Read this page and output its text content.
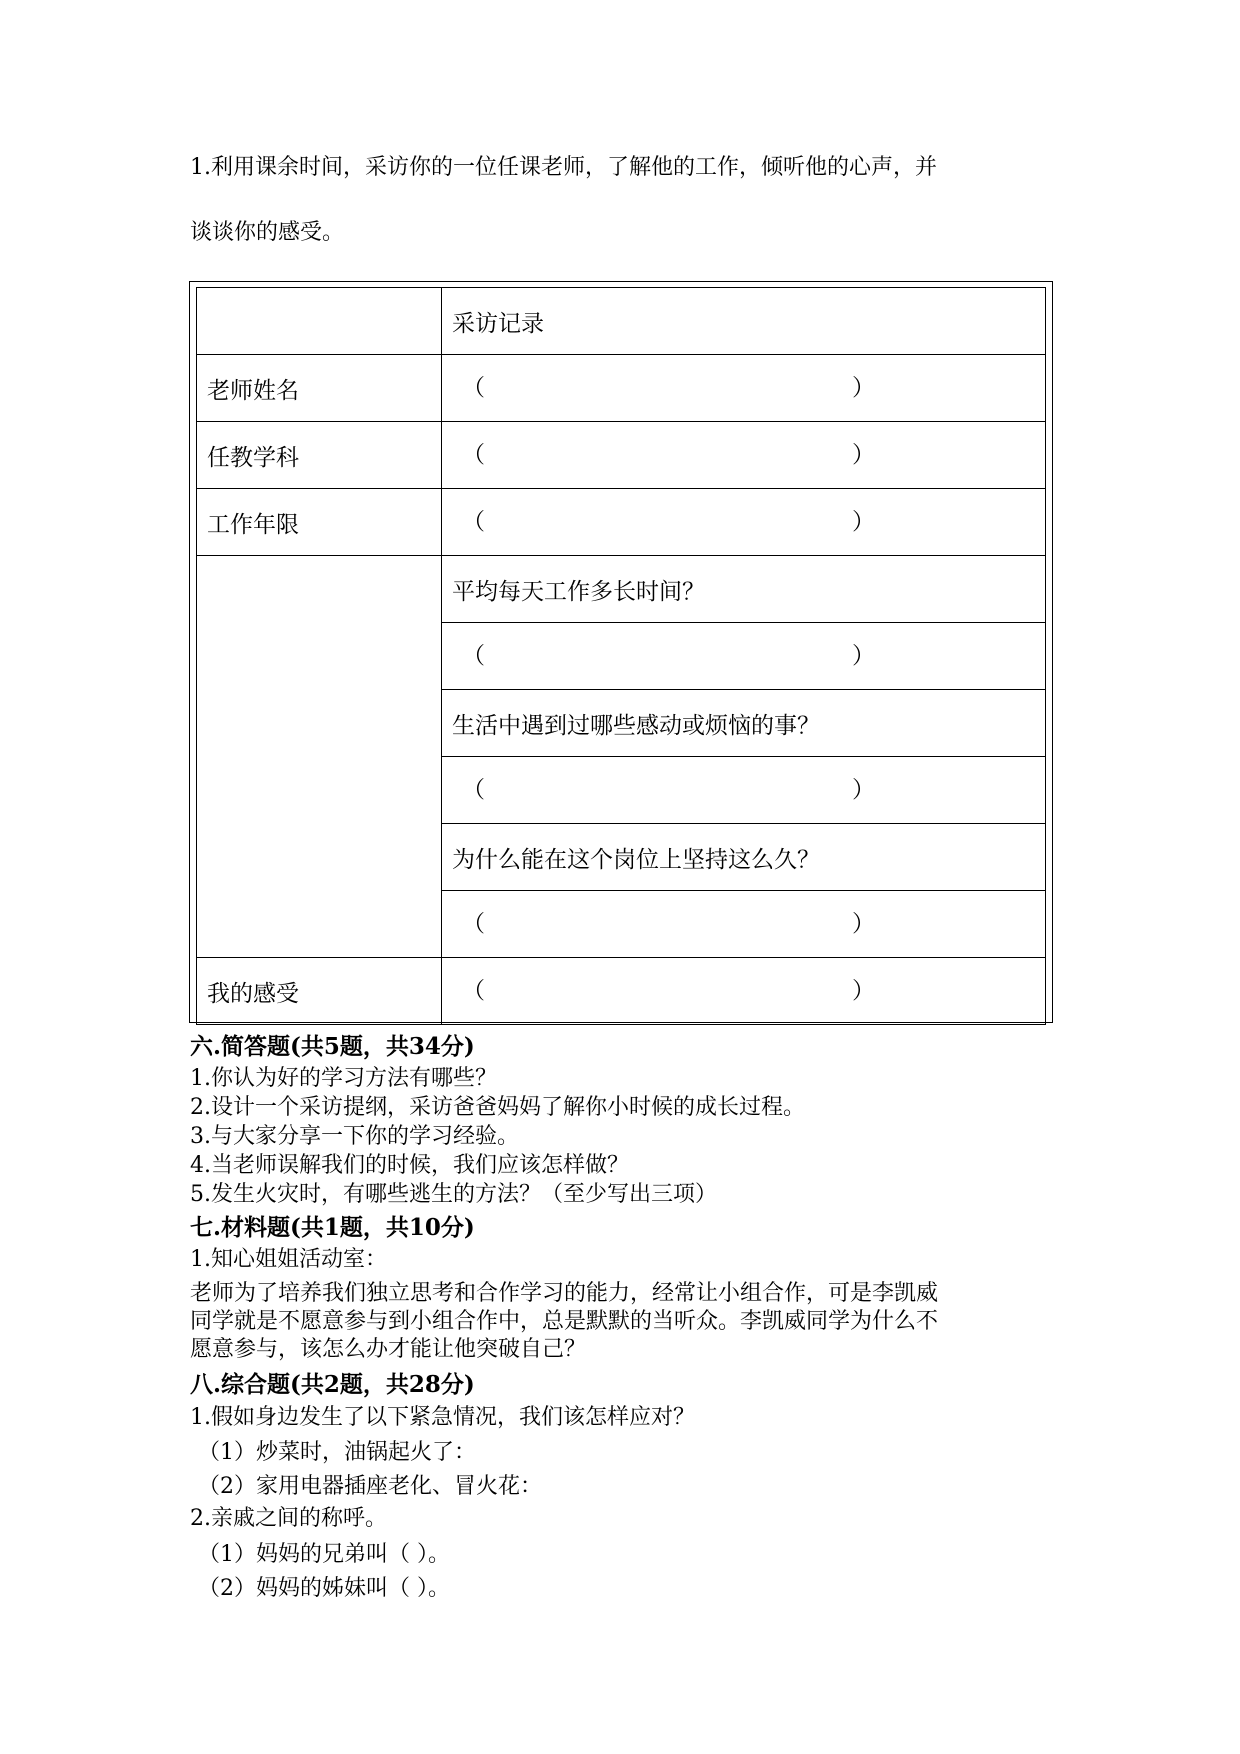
1.利用课余时间，采访你的一位任课老师，了解他的工作，倾听他的心声，并
谈谈你的感受。
	采访记录
老师姓名	（ ）

任教学科	（ ）

工作年限	（ ）

	平均每天工作多长时间？

	（ ）

	生活中遇到过哪些感动或烦恼的事？

	（ ）

	为什么能在这个岗位上坚持这么久？

	（ ）

我的感受	（ ）
六.简答题(共5题，共34分)
1.你认为好的学习方法有哪些？
2.设计一个采访提纲，采访爸爸妈妈了解你小时候的成长过程。
3.与大家分享一下你的学习经验。
4.当老师误解我们的时候，我们应该怎样做？
5.发生火灾时，有哪些逃生的方法？（至少写出三项）
七.材料题(共1题，共10分)
1.知心姐姐活动室：
老师为了培养我们独立思考和合作学习的能力，经常让小组合作，可是李凯威
同学就是不愿意参与到小组合作中，总是默默的当听众。李凯威同学为什么不
愿意参与，该怎么办才能让他突破自己？
八.综合题(共2题，共28分)
1.假如身边发生了以下紧急情况，我们该怎样应对？
（1）炒菜时，油锅起火了：
（2）家用电器插座老化、冒火花：
2.亲戚之间的称呼。
（1）妈妈的兄弟叫（ ）。
（2）妈妈的姊妹叫（ ）。
